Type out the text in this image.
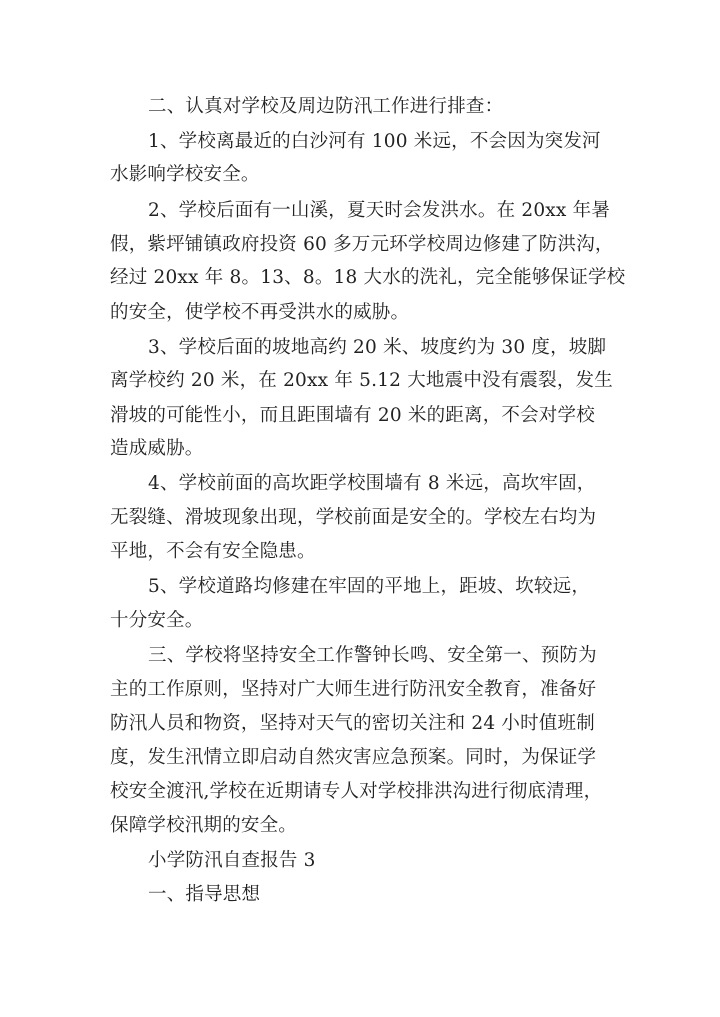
二、认真对学校及周边防汛工作进行排查：

1、学校离最近的白沙河有 100 米远，不会因为突发河

水影响学校安全。

2、学校后面有一山溪，夏天时会发洪水。在 20xx 年暑

假，紫坪铺镇政府投资 60 多万元环学校周边修建了防洪沟，

经过 20xx 年 8。13、8。18 大水的洗礼，完全能够保证学校

的安全，使学校不再受洪水的威胁。

3、学校后面的坡地高约 20 米、坡度约为 30 度，坡脚

离学校约 20 米，在 20xx 年 5.12 大地震中没有震裂，发生

滑坡的可能性小，而且距围墙有 20 米的距离，不会对学校

造成威胁。

4、学校前面的高坎距学校围墙有 8 米远，高坎牢固，

无裂缝、滑坡现象出现，学校前面是安全的。学校左右均为

平地，不会有安全隐患。

5、学校道路均修建在牢固的平地上，距坡、坎较远，

十分安全。

三、学校将坚持安全工作警钟长鸣、安全第一、预防为

主的工作原则，坚持对广大师生进行防汛安全教育，准备好

防汛人员和物资，坚持对天气的密切关注和 24 小时值班制

度，发生汛情立即启动自然灾害应急预案。同时，为保证学

校安全渡汛,学校在近期请专人对学校排洪沟进行彻底清理，

保障学校汛期的安全。

小学防汛自查报告 3

一、指导思想
